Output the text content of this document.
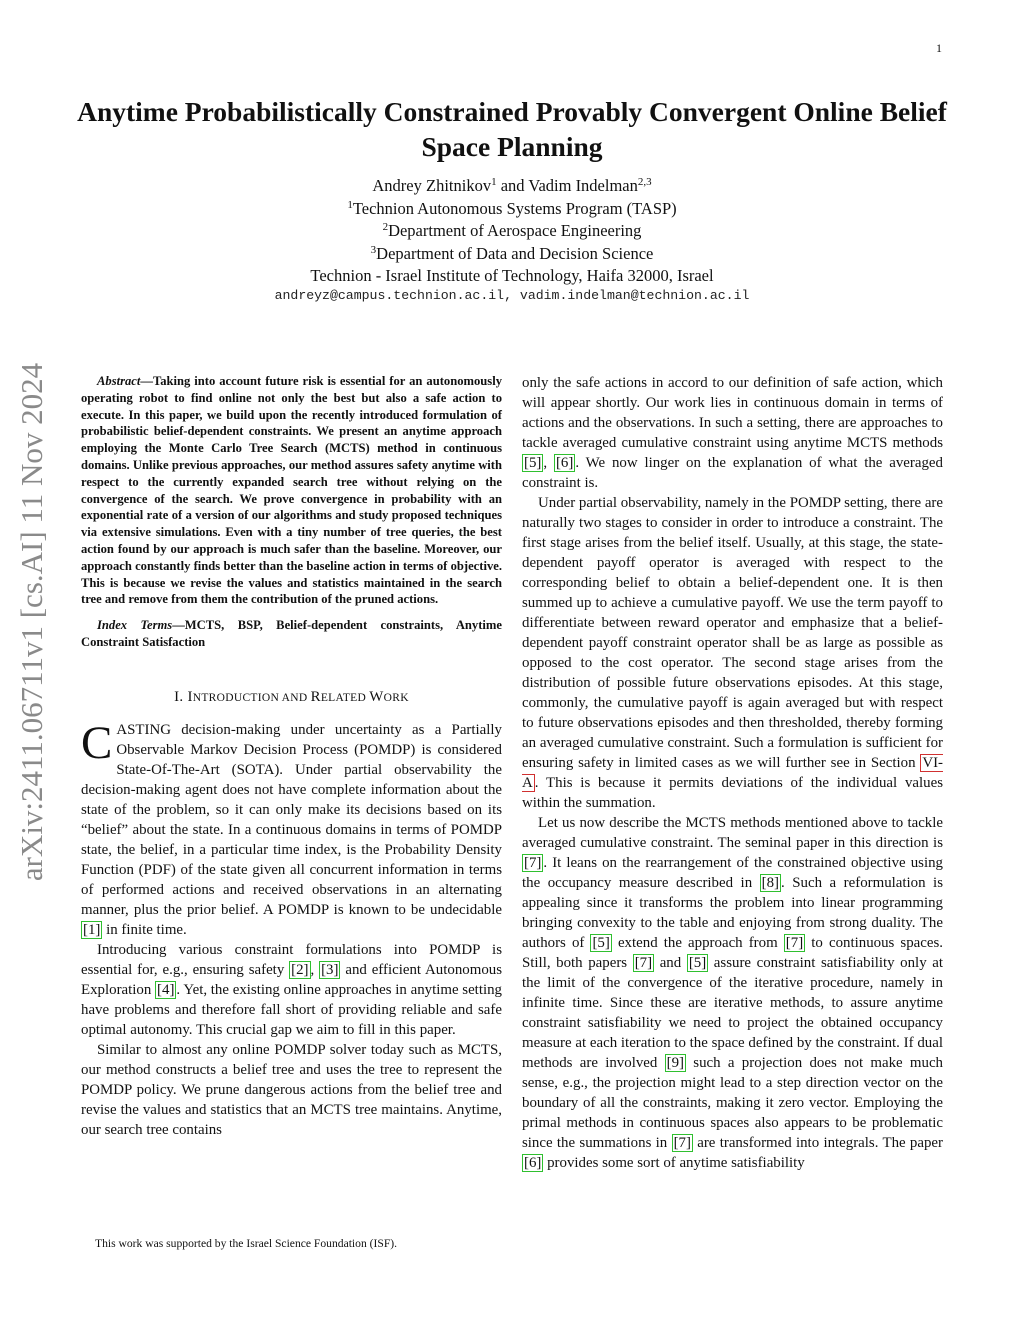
1
Anytime Probabilistically Constrained Provably Convergent Online Belief Space Planning
Andrey Zhitnikov$^1$ and Vadim Indelman$^{2,3}$
$^1$Technion Autonomous Systems Program (TASP)
$^2$Department of Aerospace Engineering
$^3$Department of Data and Decision Science
Technion - Israel Institute of Technology, Haifa 32000, Israel
andreyz@campus.technion.ac.il, vadim.indelman@technion.ac.il
arXiv:2411.06711v1 [cs.AI] 11 Nov 2024	Abstract—Taking into account future risk is essential for an autonomously operating robot to find online not only the best but also a safe action to execute. In this paper, we build upon the recently introduced formulation of probabilistic belief-dependent constraints. We present an anytime approach employing the Monte Carlo Tree Search (MCTS) method in continuous domains. Unlike previous approaches, our method assures safety anytime with respect to the currently expanded search tree without relying on the convergence of the search. We prove convergence in probability with an exponential rate of a version of our algorithms and study proposed techniques via extensive simulations. Even with a tiny number of tree queries, the best action found by our approach is much safer than the baseline. Moreover, our approach constantly finds better than the baseline action in terms of objective. This is because we revise the values and statistics maintained in the search tree and remove from them the contribution of the pruned actions.

Index Terms—MCTS, BSP, Belief-dependent constraints, Anytime Constraint Satisfaction

I. INTRODUCTION AND RELATED WORK

CASTING decision-making under uncertainty as a Partially Observable Markov Decision Process (POMDP) is considered State-Of-The-Art (SOTA). Under partial observability the decision-making agent does not have complete information about the state of the problem, so it can only make its decisions based on its “belief” about the state. In a continuous domains in terms of POMDP state, the belief, in a particular time index, is the Probability Density Function (PDF) of the state given all concurrent information in terms of performed actions and received observations in an alternating manner, plus the prior belief. A POMDP is known to be undecidable [1] in finite time.

Introducing various constraint formulations into POMDP is essential for, e.g., ensuring safety [2] , [3] and efficient Autonomous Exploration [4] . Yet, the existing online approaches in anytime setting have problems and therefore fall short of providing reliable and safe optimal autonomy. This crucial gap we aim to fill in this paper.

Similar to almost any online POMDP solver today such as MCTS, our method constructs a belief tree and uses the tree to represent the POMDP policy. We prune dangerous actions from the belief tree and revise the values and statistics that an MCTS tree maintains. Anytime, our search tree contains

This work was supported by the Israel Science Foundation (ISF).

only the safe actions in accord to our definition of safe action, which will appear shortly. Our work lies in continuous domain in terms of actions and the observations. In such a setting, there are approaches to tackle averaged cumulative constraint using anytime MCTS methods [5] , [6] . We now linger on the explanation of what the averaged constraint is.

Under partial observability, namely in the POMDP setting, there are naturally two stages to consider in order to introduce a constraint. The first stage arises from the belief itself. Usually, at this stage, the state-dependent payoff operator is averaged with respect to the corresponding belief to obtain a belief-dependent one. It is then summed up to achieve a cumulative payoff. We use the term payoff to differentiate between reward operator and emphasize that a belief-dependent payoff constraint operator shall be as large as possible as opposed to the cost operator. The second stage arises from the distribution of possible future observations episodes. At this stage, commonly, the cumulative payoff is again averaged but with respect to future observations episodes and then thresholded, thereby forming an averaged cumulative constraint. Such a formulation is sufficient for ensuring safety in limited cases as we will further see in Section VI-A . This is because it permits deviations of the individual values within the summation.

Let us now describe the MCTS methods mentioned above to tackle averaged cumulative constraint. The seminal paper in this direction is [7] . It leans on the rearrangement of the constrained objective using the occupancy measure described in [8] . Such a reformulation is appealing since it transforms the problem into linear programming bringing convexity to the table and enjoying from strong duality. The authors of [5] extend the approach from [7] to continuous spaces. Still, both papers [7] and [5] assure constraint satisfiability only at the limit of the convergence of the iterative procedure, namely in infinite time. Since these are iterative methods, to assure anytime constraint satisfiability we need to project the obtained occupancy measure at each iteration to the space defined by the constraint. If dual methods are involved [9] such a projection does not make much sense, e.g., the projection might lead to a step direction vector on the boundary of all the constraints, making it zero vector. Employing the primal methods in continuous spaces also appears to be problematic since the summations in [7] are transformed into integrals. The paper [6] provides some sort of anytime satisfiability
